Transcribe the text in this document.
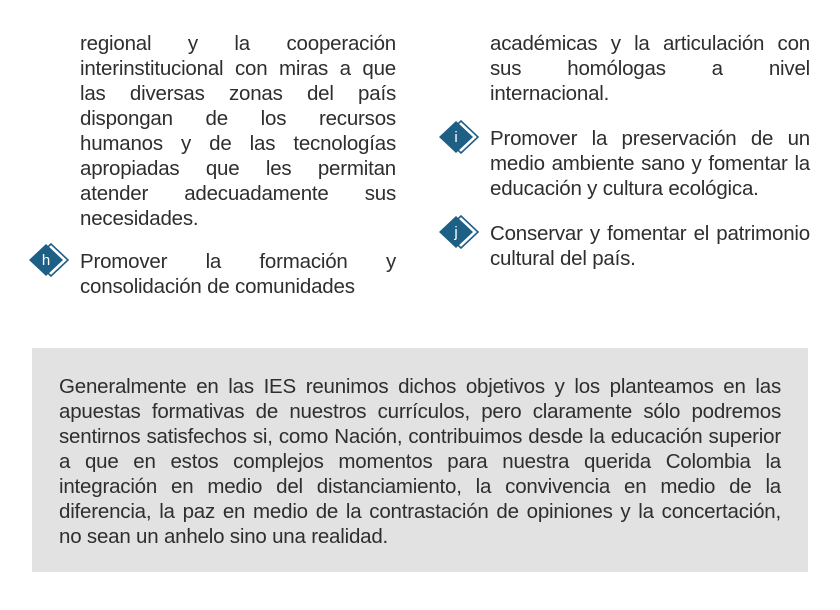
regional y la cooperación interinstitucional con miras a que las diversas zonas del país dispongan de los recursos humanos y de las tecnologías apropiadas que les permitan atender adecuadamente sus necesidades.

h Promover la formación y consolidación de comunidades

académicas y la articulación con sus homólogas a nivel internacional.

i Promover la preservación de un medio ambiente sano y fomentar la educación y cultura ecológica.

j Conservar y fomentar el patrimonio cultural del país.

Generalmente en las IES reunimos dichos objetivos y los planteamos en las apuestas formativas de nuestros currículos, pero claramente sólo podremos sentirnos satisfechos si, como Nación, contribuimos desde la educación superior a que en estos complejos momentos para nuestra querida Colombia la integración en medio del distanciamiento, la convivencia en medio de la diferencia, la paz en medio de la contrastación de opiniones y la concertación, no sean un anhelo sino una realidad.
